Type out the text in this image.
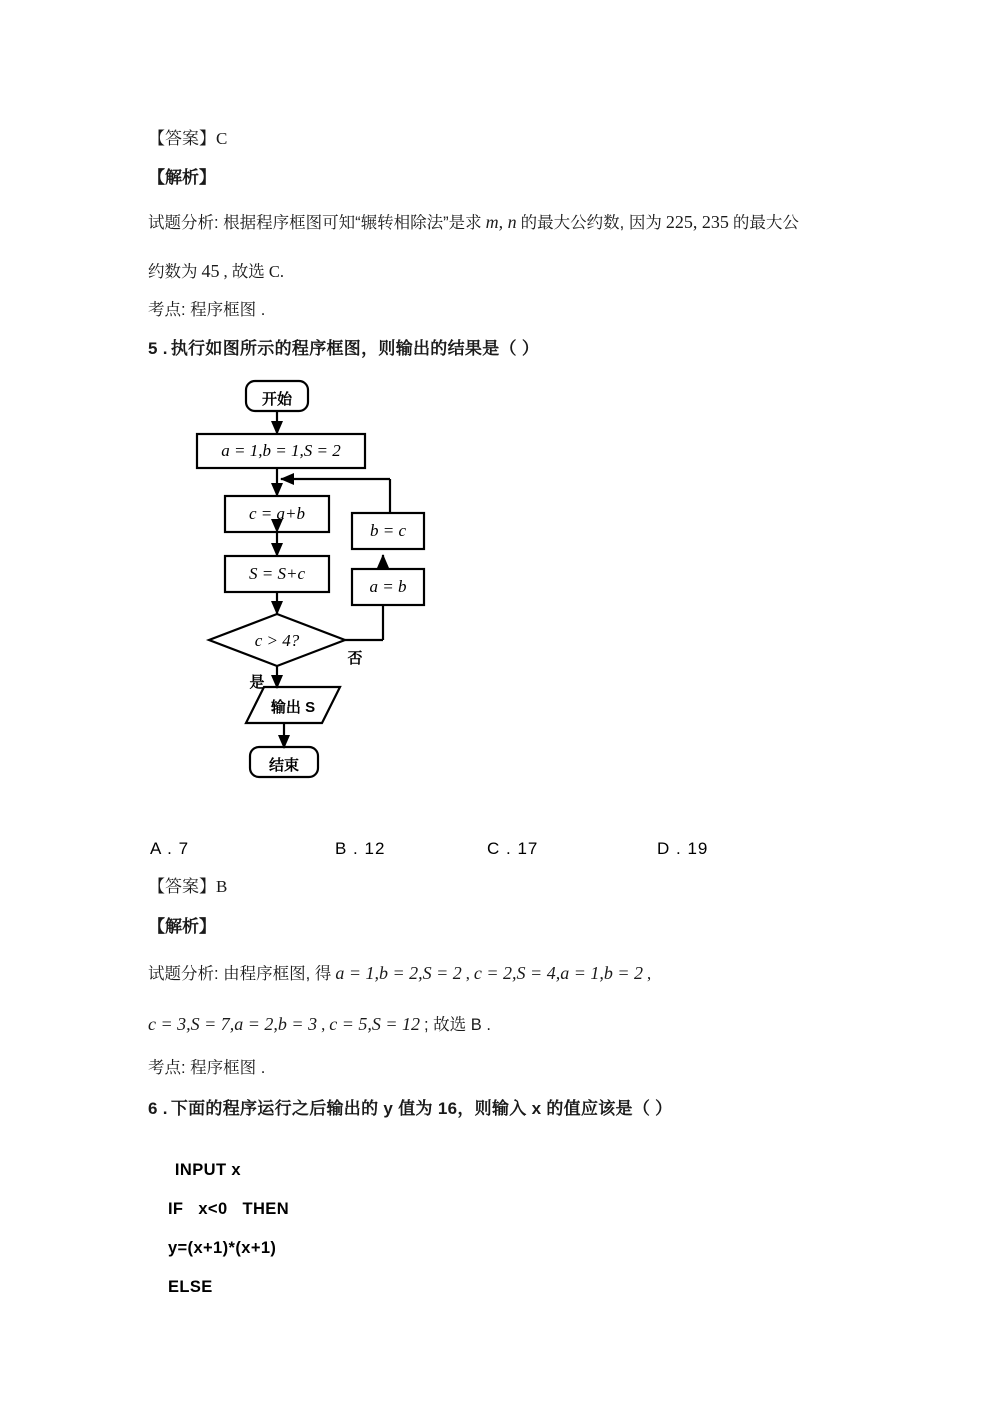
【答案】C
【解析】
试题分析: 根据程序框图可知“辗转相除法”是求 m, n 的最大公约数, 因为 225, 235 的最大公
约数为 45 , 故选 C.
考点: 程序框图 .
5 . 执行如图所示的程序框图，则输出的结果是（ ）
开始
a = 1,b = 1,S = 2
c = a+b
S = S+c
c > 4?
b = c
a = b
是
否
输出 S
结束
A . 7	B . 12	C . 17	D . 19
【答案】B
【解析】
试题分析: 由程序框图, 得 a = 1,b = 2,S = 2 , c = 2,S = 4,a = 1,b = 2 ,
c = 3,S = 7,a = 2,b = 3 , c = 5,S = 12 ; 故选 B .
考点: 程序框图 .
6 . 下面的程序运行之后输出的 y 值为 16，则输入 x 的值应该是（ ）

INPUT x

IF   x<0   THEN

y=(x+1)*(x+1)

ELSE
